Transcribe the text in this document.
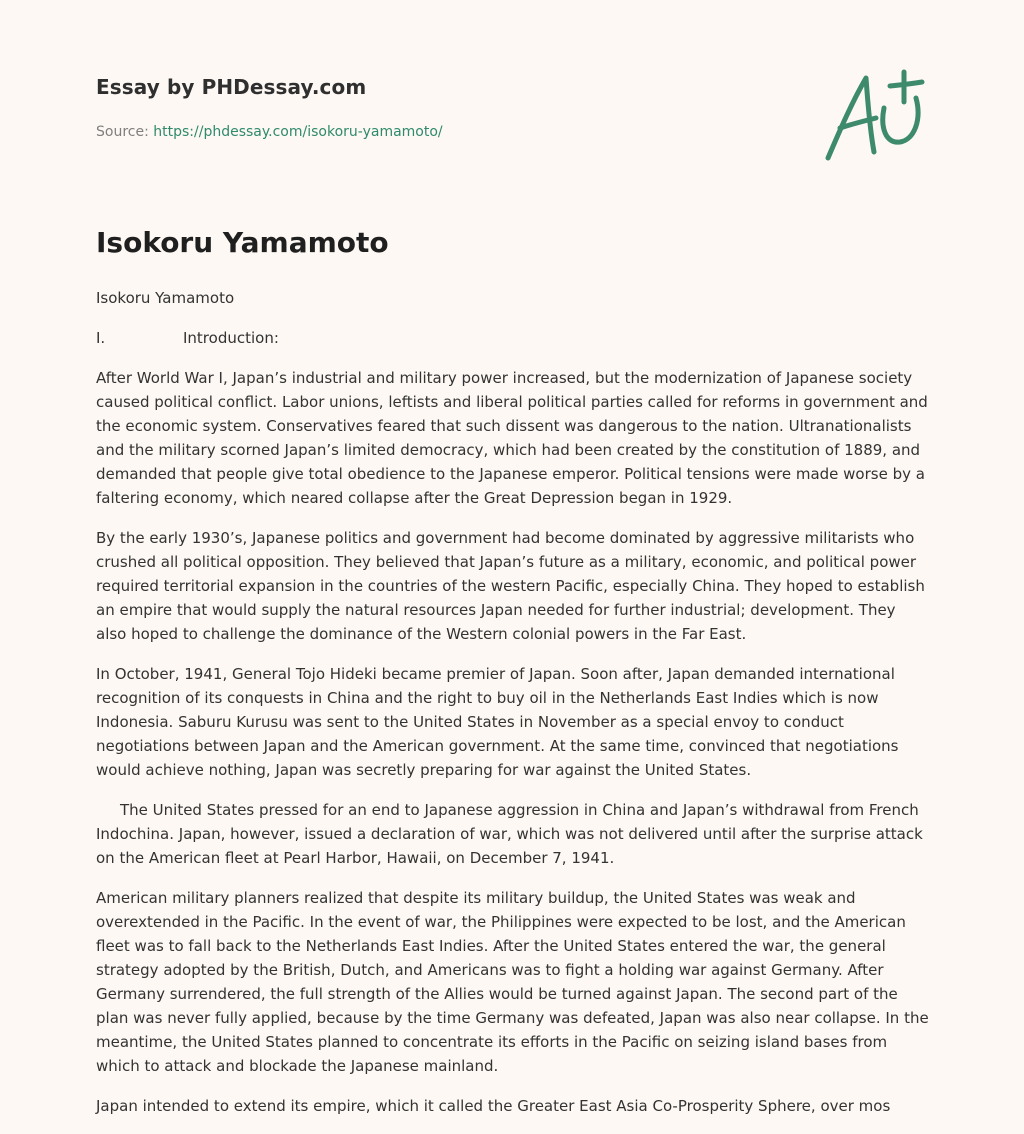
Essay by PHDessay.com

Source: https://phdessay.com/isokoru-yamamoto/
Isokoru Yamamoto

Isokoru Yamamoto

I.	Introduction:

After World War I, Japan’s industrial and military power increased, but the modernization of Japanese society caused political conflict. Labor unions, leftists and liberal political parties called for reforms in government and the economic system. Conservatives feared that such dissent was dangerous to the nation. Ultranationalists and the military scorned Japan’s limited democracy, which had been created by the constitution of 1889, and demanded that people give total obedience to the Japanese emperor. Political tensions were made worse by a faltering economy, which neared collapse after the Great Depression began in 1929.

By the early 1930’s, Japanese politics and government had become dominated by aggressive militarists who crushed all political opposition. They believed that Japan’s future as a military, economic, and political power required territorial expansion in the countries of the western Pacific, especially China. They hoped to establish an empire that would supply the natural resources Japan needed for further industrial; development. They also hoped to challenge the dominance of the Western colonial powers in the Far East.

In October, 1941, General Tojo Hideki became premier of Japan. Soon after, Japan demanded international recognition of its conquests in China and the right to buy oil in the Netherlands East Indies which is now Indonesia. Saburu Kurusu was sent to the United States in November as a special envoy to conduct negotiations between Japan and the American government. At the same time, convinced that negotiations would achieve nothing, Japan was secretly preparing for war against the United States.

The United States pressed for an end to Japanese aggression in China and Japan’s withdrawal from French Indochina. Japan, however, issued a declaration of war, which was not delivered until after the surprise attack on the American fleet at Pearl Harbor, Hawaii, on December 7, 1941.

American military planners realized that despite its military buildup, the United States was weak and overextended in the Pacific. In the event of war, the Philippines were expected to be lost, and the American fleet was to fall back to the Netherlands East Indies. After the United States entered the war, the general strategy adopted by the British, Dutch, and Americans was to fight a holding war against Germany. After Germany surrendered, the full strength of the Allies would be turned against Japan. The second part of the plan was never fully applied, because by the time Germany was defeated, Japan was also near collapse. In the meantime, the United States planned to concentrate its efforts in the Pacific on seizing island bases from which to attack and blockade the Japanese mainland.

Japan intended to extend its empire, which it called the Greater East Asia Co-Prosperity Sphere, over mos
